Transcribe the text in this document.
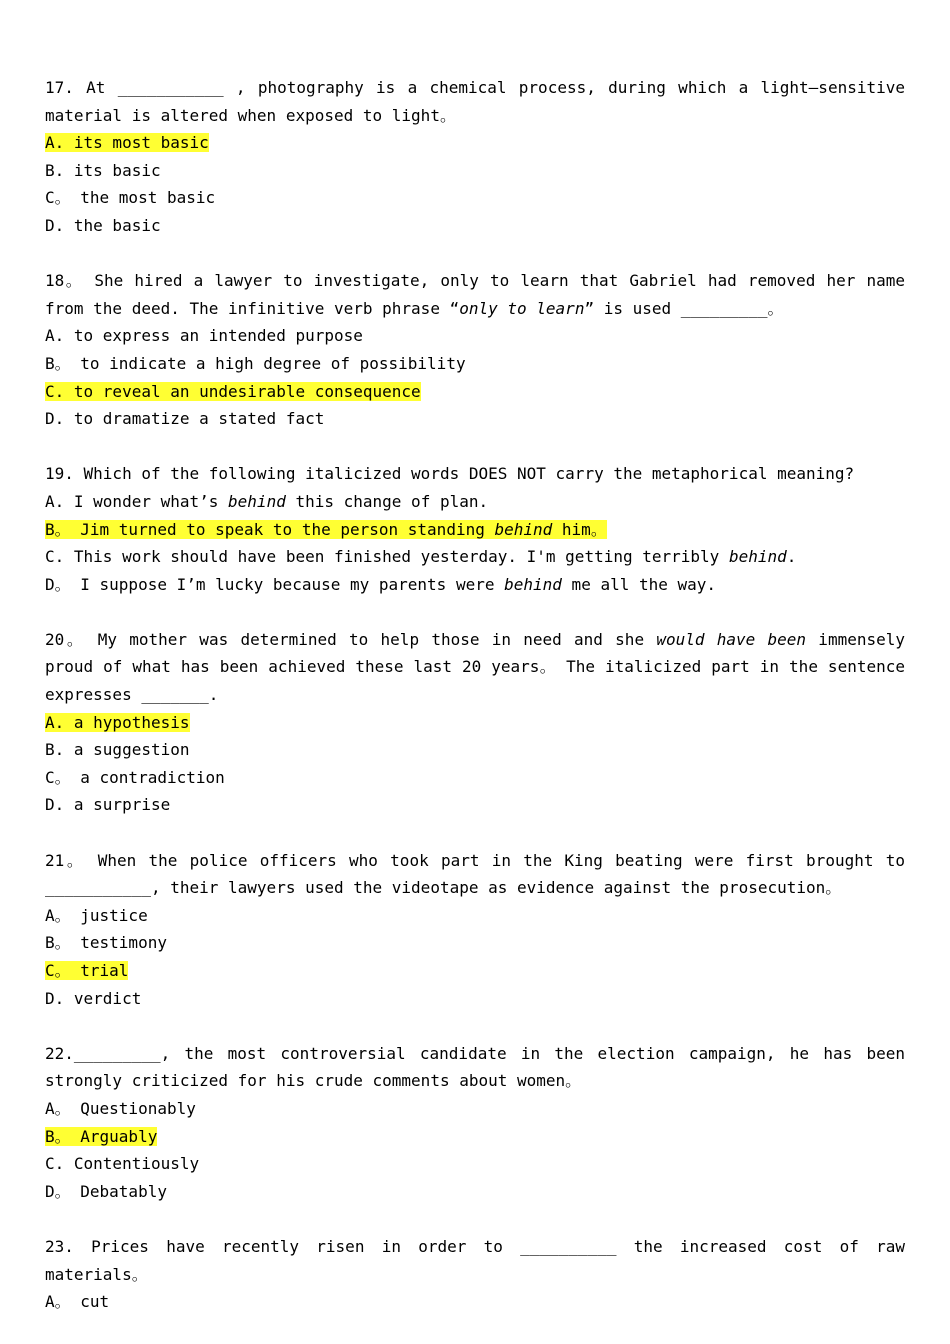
17. At ___________ , photography is a chemical process, during which a light—sensitive material is altered when exposed to light。

A. its most basic

B. its basic

C。 the most basic

D. the basic

18。 She hired a lawyer to investigate, only to learn that Gabriel had removed her name from the deed. The infinitive verb phrase “only to learn” is used _________。

A. to express an intended purpose

B。 to indicate a high degree of possibility

C. to reveal an undesirable consequence

D. to dramatize a stated fact

19. Which of the following italicized words DOES NOT carry the metaphorical meaning?

A. I wonder what’s behind this change of plan.

B。 Jim turned to speak to the person standing behind him。

C. This work should have been finished yesterday. I'm getting terribly behind.

D。 I suppose I’m lucky because my parents were behind me all the way.

20。 My mother was determined to help those in need and she would have been immensely proud of what has been achieved these last 20 years。 The italicized part in the sentence expresses _______.

A. a hypothesis

B. a suggestion

C。 a contradiction

D. a surprise

21。 When the police officers who took part in the King beating were first brought to ___________, their lawyers used the videotape as evidence against the prosecution。

A。 justice

B。 testimony

C。 trial

D. verdict

22._________, the most controversial candidate in the election campaign, he has been strongly criticized for his crude comments about women。

A。 Questionably

B。 Arguably

C. Contentiously

D。 Debatably

23. Prices have recently risen in order to __________ the increased cost of raw materials。

A。 cut
